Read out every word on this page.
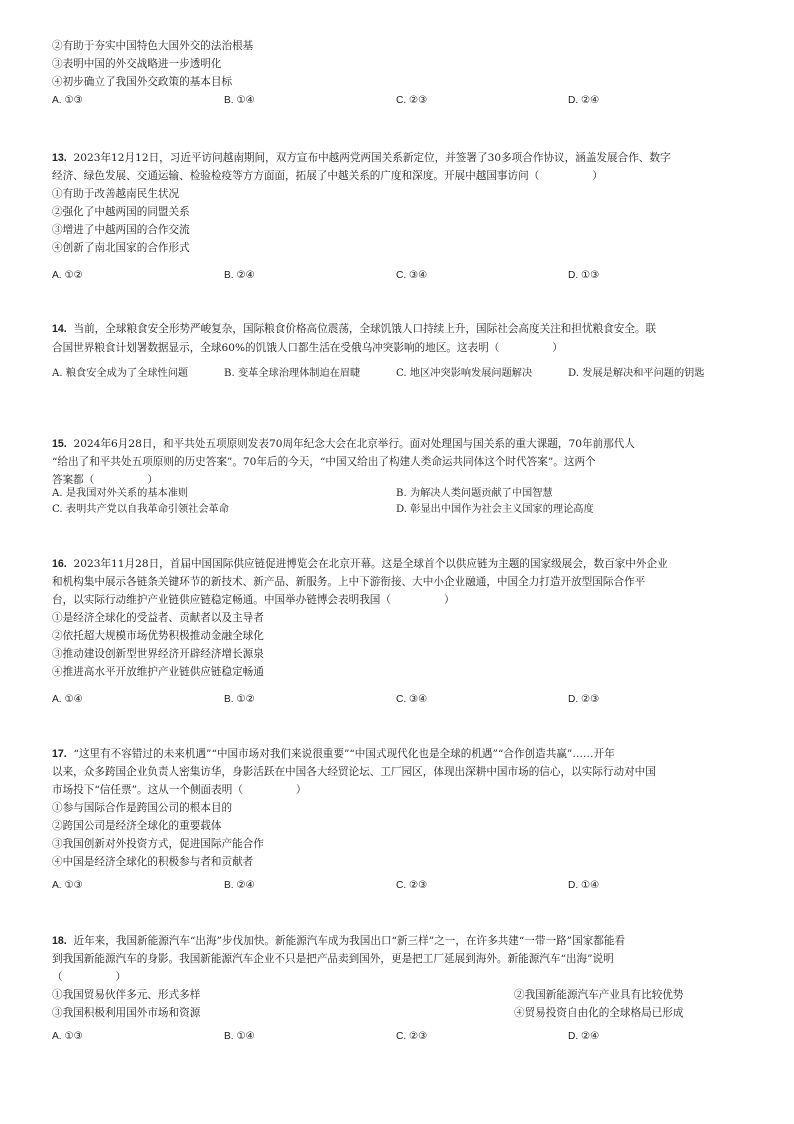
②有助于夯实中国特色大国外交的法治根基
③表明中国的外交战略进一步透明化
④初步确立了我国外交政策的基本目标
A. ①③	B. ①④	C. ②③	D. ②④
13. 2023年12月12日，习近平访问越南期间，双方宣布中越两党两国关系新定位，并签署了30多项合作协议，涵盖发展合作、数字
经济、绿色发展、交通运输、检验检疫等方方面面，拓展了中越关系的广度和深度。开展中越国事访问（　　　　　）
①有助于改善越南民生状况
②强化了中越两国的同盟关系
③增进了中越两国的合作交流
④创新了南北国家的合作形式
A. ①②	B. ②④	C. ③④	D. ①③
14. 当前，全球粮食安全形势严峻复杂，国际粮食价格高位震荡，全球饥饿人口持续上升，国际社会高度关注和担忧粮食安全。联
合国世界粮食计划署数据显示，全球60%的饥饿人口都生活在受俄乌冲突影响的地区。这表明（　　　　　）
A. 粮食安全成为了全球性问题	B. 变革全球治理体制迫在眉睫	C. 地区冲突影响发展问题解决	D. 发展是解决和平问题的钥匙
15. 2024年6月28日，和平共处五项原则发表70周年纪念大会在北京举行。面对处理国与国关系的重大课题，70年前那代人
“给出了和平共处五项原则的历史答案”。70年后的今天，“中国又给出了构建人类命运共同体这个时代答案”。这两个
答案都（　　　　　）
A. 是我国对外关系的基本准则	B. 为解决人类问题贡献了中国智慧
C. 表明共产党以自我革命引领社会革命	D. 彰显出中国作为社会主义国家的理论高度
16. 2023年11月28日，首届中国国际供应链促进博览会在北京开幕。这是全球首个以供应链为主题的国家级展会，数百家中外企业
和机构集中展示各链条关键环节的新技术、新产品、新服务。上中下游衔接、大中小企业融通，中国全力打造开放型国际合作平
台，以实际行动维护产业链供应链稳定畅通。中国举办链博会表明我国（　　　　　）
①是经济全球化的受益者、贡献者以及主导者
②依托超大规模市场优势积极推动金融全球化
③推动建设创新型世界经济开辟经济增长源泉
④推进高水平开放维护产业链供应链稳定畅通
A. ①④	B. ①②	C. ③④	D. ②③
17. “这里有不容错过的未来机遇”“中国市场对我们来说很重要”“中国式现代化也是全球的机遇”“合作创造共赢”……开年
以来，众多跨国企业负责人密集访华，身影活跃在中国各大经贸论坛、工厂园区，体现出深耕中国市场的信心，以实际行动对中国
市场投下“信任票”。这从一个侧面表明（　　　　　）
①参与国际合作是跨国公司的根本目的
②跨国公司是经济全球化的重要载体
③我国创新对外投资方式，促进国际产能合作
④中国是经济全球化的积极参与者和贡献者
A. ①③	B. ②④	C. ②③	D. ①④
18. 近年来，我国新能源汽车“出海”步伐加快。新能源汽车成为我国出口“新三样”之一，在许多共建“一带一路”国家都能看
到我国新能源汽车的身影。我国新能源汽车企业不只是把产品卖到国外，更是把工厂延展到海外。新能源汽车“出海”说明
（　　　　　）
①我国贸易伙伴多元、形式多样	②我国新能源汽车产业具有比较优势
③我国积极利用国外市场和资源	④贸易投资自由化的全球格局已形成
A. ①③	B. ①④	C. ②③	D. ②④
